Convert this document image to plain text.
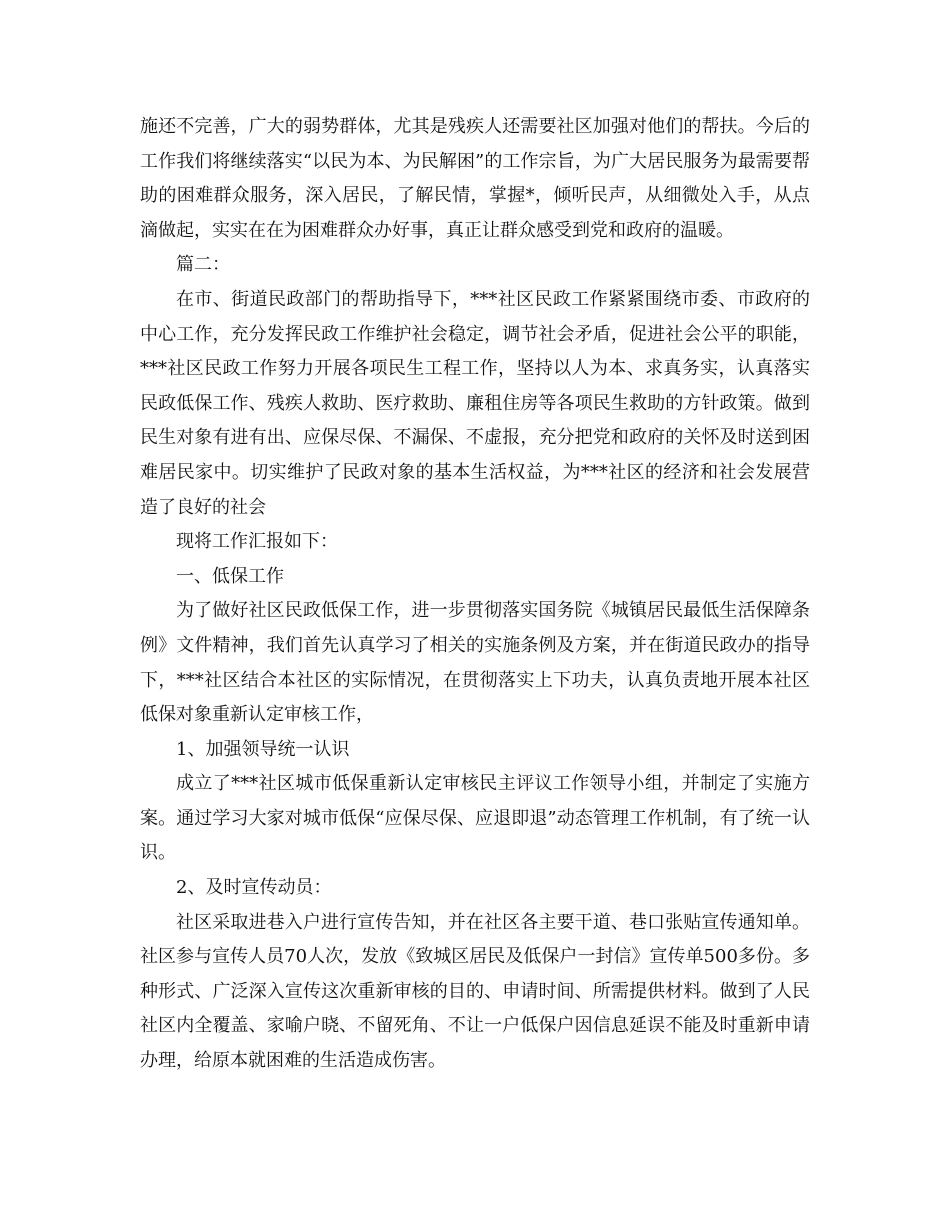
施还不完善，广大的弱势群体，尤其是残疾人还需要社区加强对他们的帮扶。今后的工作我们将继续落实“以民为本、为民解困”的工作宗旨，为广大居民服务为最需要帮助的困难群众服务，深入居民，了解民情，掌握*，倾听民声，从细微处入手，从点滴做起，实实在在为困难群众办好事，真正让群众感受到党和政府的温暖。

篇二：

在市、街道民政部门的帮助指导下，***社区民政工作紧紧围绕市委、市政府的中心工作，充分发挥民政工作维护社会稳定，调节社会矛盾，促进社会公平的职能，***社区民政工作努力开展各项民生工程工作，坚持以人为本、求真务实，认真落实民政低保工作、残疾人救助、医疗救助、廉租住房等各项民生救助的方针政策。做到民生对象有进有出、应保尽保、不漏保、不虚报，充分把党和政府的关怀及时送到困难居民家中。切实维护了民政对象的基本生活权益，为***社区的经济和社会发展营造了良好的社会

现将工作汇报如下：

一、低保工作

为了做好社区民政低保工作，进一步贯彻落实国务院《城镇居民最低生活保障条例》文件精神，我们首先认真学习了相关的实施条例及方案，并在街道民政办的指导下，***社区结合本社区的实际情况，在贯彻落实上下功夫，认真负责地开展本社区低保对象重新认定审核工作，

1、加强领导统一认识

成立了***社区城市低保重新认定审核民主评议工作领导小组，并制定了实施方案。通过学习大家对城市低保“应保尽保、应退即退”动态管理工作机制，有了统一认识。

2、及时宣传动员：

社区采取进巷入户进行宣传告知，并在社区各主要干道、巷口张贴宣传通知单。社区参与宣传人员70人次，发放《致城区居民及低保户一封信》宣传单500多份。多种形式、广泛深入宣传这次重新审核的目的、申请时间、所需提供材料。做到了人民社区内全覆盖、家喻户晓、不留死角、不让一户低保户因信息延误不能及时重新申请办理，给原本就困难的生活造成伤害。
